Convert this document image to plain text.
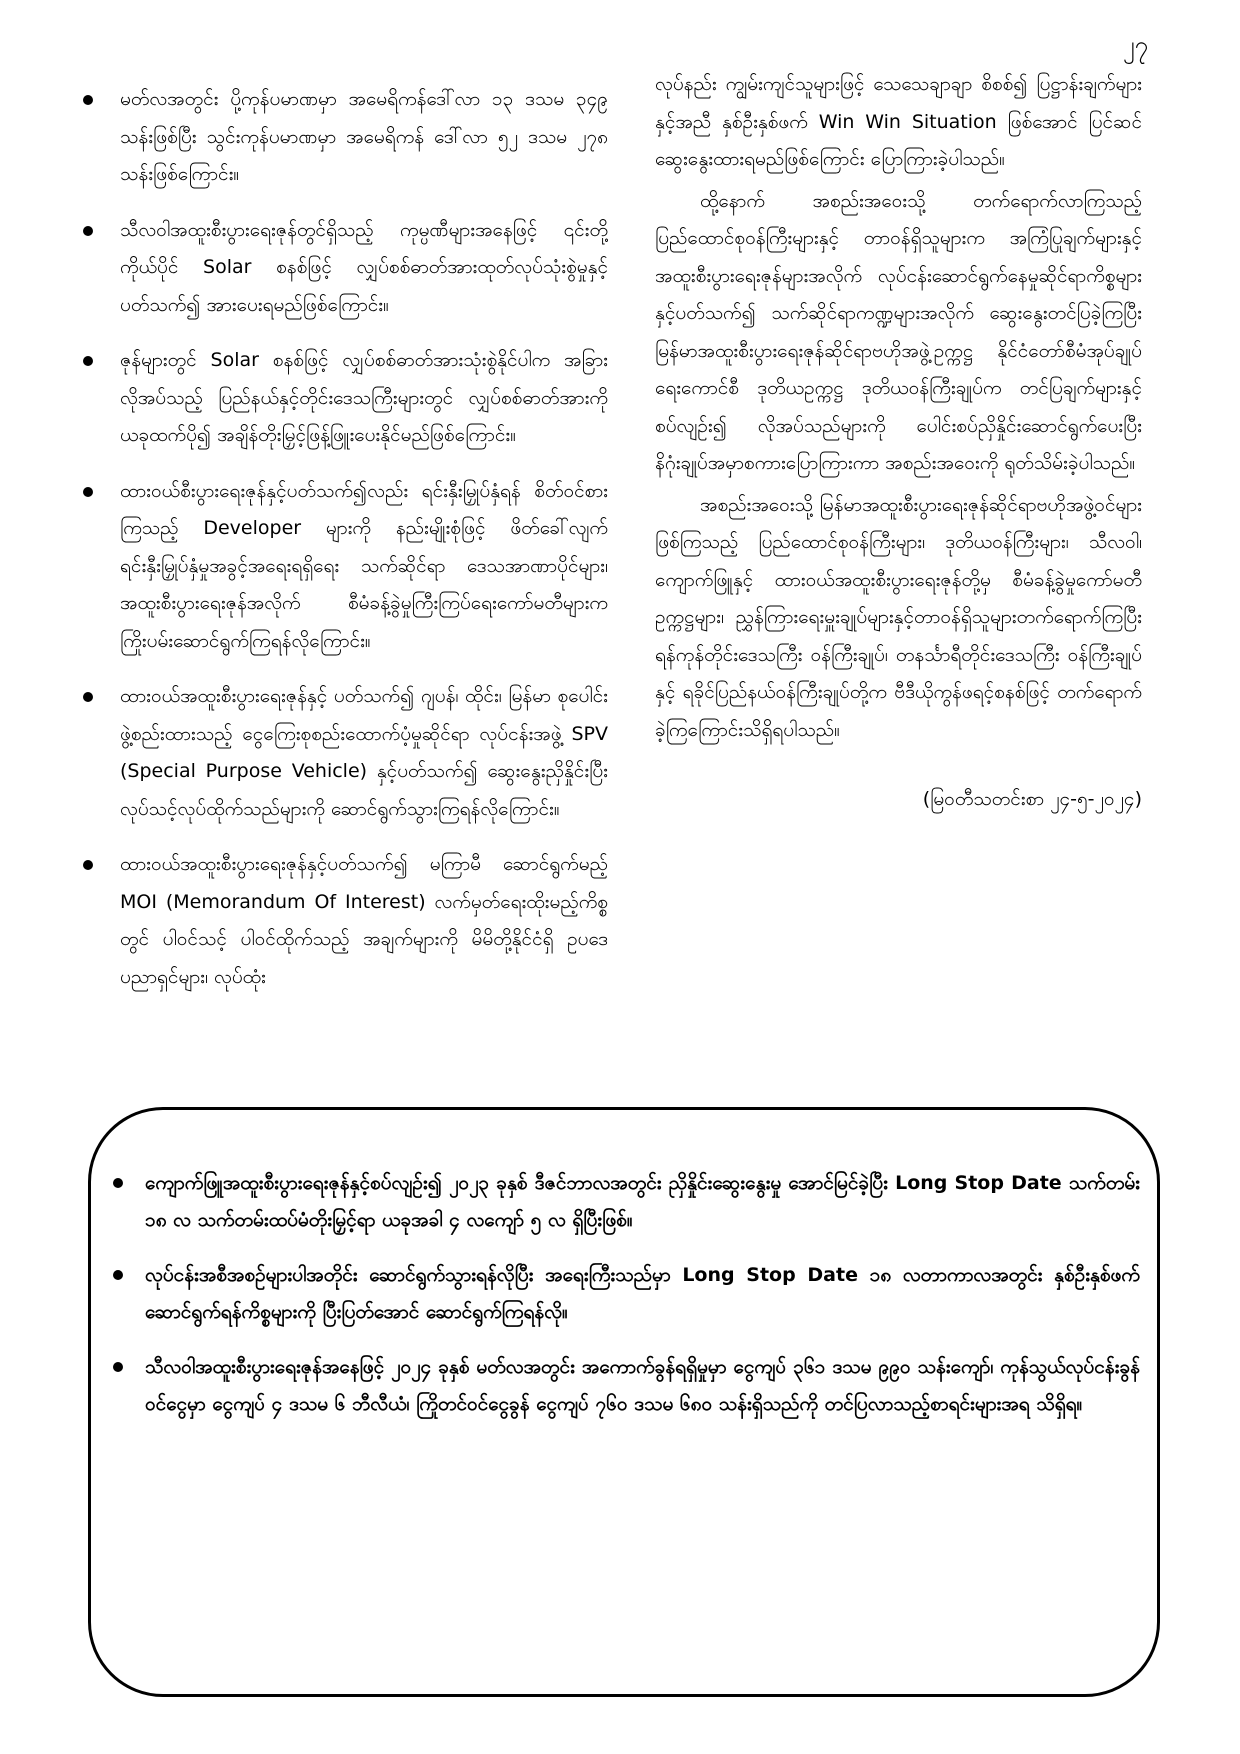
၂၇
မတ်လအတွင်း ပို့ကုန်ပမာဏမှာ အမေရိကန်ဒေါ်လာ ၁၃ ဒသမ ၃၄၉ သန်းဖြစ်ပြီး သွင်းကုန်ပမာဏမှာ အမေရိကန် ဒေါ်လာ ၅၂ ဒသမ ၂၇၈ သန်းဖြစ်ကြောင်း။
သီလဝါအထူးစီးပွားရေးဇုန်တွင်ရှိသည့် ကုမ္ပဏီများအနေဖြင့် ၎င်းတို့ကိုယ်ပိုင် Solar စနစ်ဖြင့် လျှပ်စစ်ဓာတ်အားထုတ်လုပ်သုံးစွဲမှုနှင့်ပတ်သက်၍ အားပေးရမည်ဖြစ်ကြောင်း။
ဇုန်များတွင် Solar စနစ်ဖြင့် လျှပ်စစ်ဓာတ်အားသုံးစွဲနိုင်ပါက အခြားလိုအပ်သည့် ပြည်နယ်နှင့်တိုင်းဒေသကြီးများတွင် လျှပ်စစ်ဓာတ်အားကို ယခုထက်ပို၍ အချိန်တိုးမြှင့်ဖြန့်ဖြူးပေးနိုင်မည်ဖြစ်ကြောင်း။
ထားဝယ်စီးပွားရေးဇုန်နှင့်ပတ်သက်၍လည်း ရင်းနှီးမြှုပ်နှံရန် စိတ်ဝင်စားကြသည့် Developer များကို နည်းမျိုးစုံဖြင့် ဖိတ်ခေါ်လျက် ရင်းနှီးမြှုပ်နှံမှုအခွင့်အရေးရရှိရေး သက်ဆိုင်ရာ ဒေသအာဏာပိုင်များ၊ အထူးစီးပွားရေးဇုန်အလိုက် စီမံခန့်ခွဲမှုကြီးကြပ်ရေးကော်မတီများက ကြိုးပမ်းဆောင်ရွက်ကြရန်လိုကြောင်း။
ထားဝယ်အထူးစီးပွားရေးဇုန်နှင့် ပတ်သက်၍ ဂျပန်၊ ထိုင်း၊ မြန်မာ စုပေါင်းဖွဲ့စည်းထားသည့် ငွေကြေးစုစည်းထောက်ပံ့မှုဆိုင်ရာ လုပ်ငန်းအဖွဲ့ SPV (Special Purpose Vehicle) နှင့်ပတ်သက်၍ ဆွေးနွေးညှိနှိုင်းပြီး လုပ်သင့်လုပ်ထိုက်သည်များကို ဆောင်ရွက်သွားကြရန်လိုကြောင်း။
ထားဝယ်အထူးစီးပွားရေးဇုန်နှင့်ပတ်သက်၍ မကြာမီ ဆောင်ရွက်မည့် MOI (Memorandum Of Interest) လက်မှတ်ရေးထိုးမည့်ကိစ္စတွင် ပါဝင်သင့် ပါဝင်ထိုက်သည့် အချက်များကို မိမိတို့နိုင်ငံရှိ ဥပဒေပညာရှင်များ၊ လုပ်ထုံး

လုပ်နည်း ကျွမ်းကျင်သူများဖြင့် သေသေချာချာ စိစစ်၍ ပြဋ္ဌာန်းချက်များနှင့်အညီ နှစ်ဦးနှစ်ဖက် Win Win Situation ဖြစ်အောင် ပြင်ဆင်ဆွေးနွေးထားရမည်ဖြစ်ကြောင်း ပြောကြားခဲ့ပါသည်။

ထို့နောက် အစည်းအဝေးသို့ တက်ရောက်လာကြသည့် ပြည်ထောင်စုဝန်ကြီးများနှင့် တာဝန်ရှိသူများက အကြံပြုချက်များနှင့် အထူးစီးပွားရေးဇုန်များအလိုက် လုပ်ငန်းဆောင်ရွက်နေမှုဆိုင်ရာကိစ္စများနှင့်ပတ်သက်၍ သက်ဆိုင်ရာကဏ္ဍများအလိုက် ဆွေးနွေးတင်ပြခဲ့ကြပြီး မြန်မာအထူးစီးပွားရေးဇုန်ဆိုင်ရာဗဟိုအဖွဲ့ဥက္ကဋ္ဌ နိုင်ငံတော်စီမံအုပ်ချုပ်ရေးကောင်စီ ဒုတိယဥက္ကဋ္ဌ ဒုတိယဝန်ကြီးချုပ်က တင်ပြချက်များနှင့်စပ်လျဉ်း၍ လိုအပ်သည်များကို ပေါင်းစပ်ညှိနှိုင်းဆောင်ရွက်ပေးပြီး နိဂုံးချုပ်အမှာစကားပြောကြားကာ အစည်းအဝေးကို ရုတ်သိမ်းခဲ့ပါသည်။

အစည်းအဝေးသို့ မြန်မာအထူးစီးပွားရေးဇုန်ဆိုင်ရာဗဟိုအဖွဲ့ဝင်များဖြစ်ကြသည့် ပြည်ထောင်စုဝန်ကြီးများ၊ ဒုတိယဝန်ကြီးများ၊ သီလဝါ၊ ကျောက်ဖြူနှင့် ထားဝယ်အထူးစီးပွားရေးဇုန်တို့မှ စီမံခန့်ခွဲမှုကော်မတီဥက္ကဋ္ဌများ၊ ညွှန်ကြားရေးမှူးချုပ်များနှင့်တာဝန်ရှိသူများတက်ရောက်ကြပြီး ရန်ကုန်တိုင်းဒေသကြီး ဝန်ကြီးချုပ်၊ တနင်္သာရီတိုင်းဒေသကြီး ဝန်ကြီးချုပ်နှင့် ရခိုင်ပြည်နယ်ဝန်ကြီးချုပ်တို့က ဗီဒီယိုကွန်ဖရင့်စနစ်ဖြင့် တက်ရောက်ခဲ့ကြကြောင်းသိရှိရပါသည်။

(မြဝတီသတင်းစာ ၂၄-၅-၂၀၂၄)
ကျောက်ဖြူအထူးစီးပွားရေးဇုန်နှင့်စပ်လျဉ်း၍ ၂၀၂၃ ခုနှစ် ဒီဇင်ဘာလအတွင်း ညှိနှိုင်းဆွေးနွေးမှု အောင်မြင်ခဲ့ပြီး Long Stop Date သက်တမ်း ၁၈ လ သက်တမ်းထပ်မံတိုးမြှင့်ရာ ယခုအခါ ၄ လကျော် ၅ လ ရှိပြီးဖြစ်။
လုပ်ငန်းအစီအစဉ်များပါအတိုင်း ဆောင်ရွက်သွားရန်လိုပြီး အရေးကြီးသည်မှာ Long Stop Date ၁၈ လတာကာလအတွင်း နှစ်ဦးနှစ်ဖက်ဆောင်ရွက်ရန်ကိစ္စများကို ပြီးပြတ်အောင် ဆောင်ရွက်ကြရန်လို။
သီလဝါအထူးစီးပွားရေးဇုန်အနေဖြင့် ၂၀၂၄ ခုနှစ် မတ်လအတွင်း အကောက်ခွန်ရရှိမှုမှာ ငွေကျပ် ၃၆၁ ဒသမ ၉၉၀ သန်းကျော်၊ ကုန်သွယ်လုပ်ငန်းခွန်ဝင်ငွေမှာ ငွေကျပ် ၄ ဒသမ ၆ ဘီလီယံ၊ ကြိုတင်ဝင်ငွေခွန် ငွေကျပ် ၇၆၀ ဒသမ ၆၈၀ သန်းရှိသည်ကို တင်ပြလာသည့်စာရင်းများအရ သိရှိရ။
